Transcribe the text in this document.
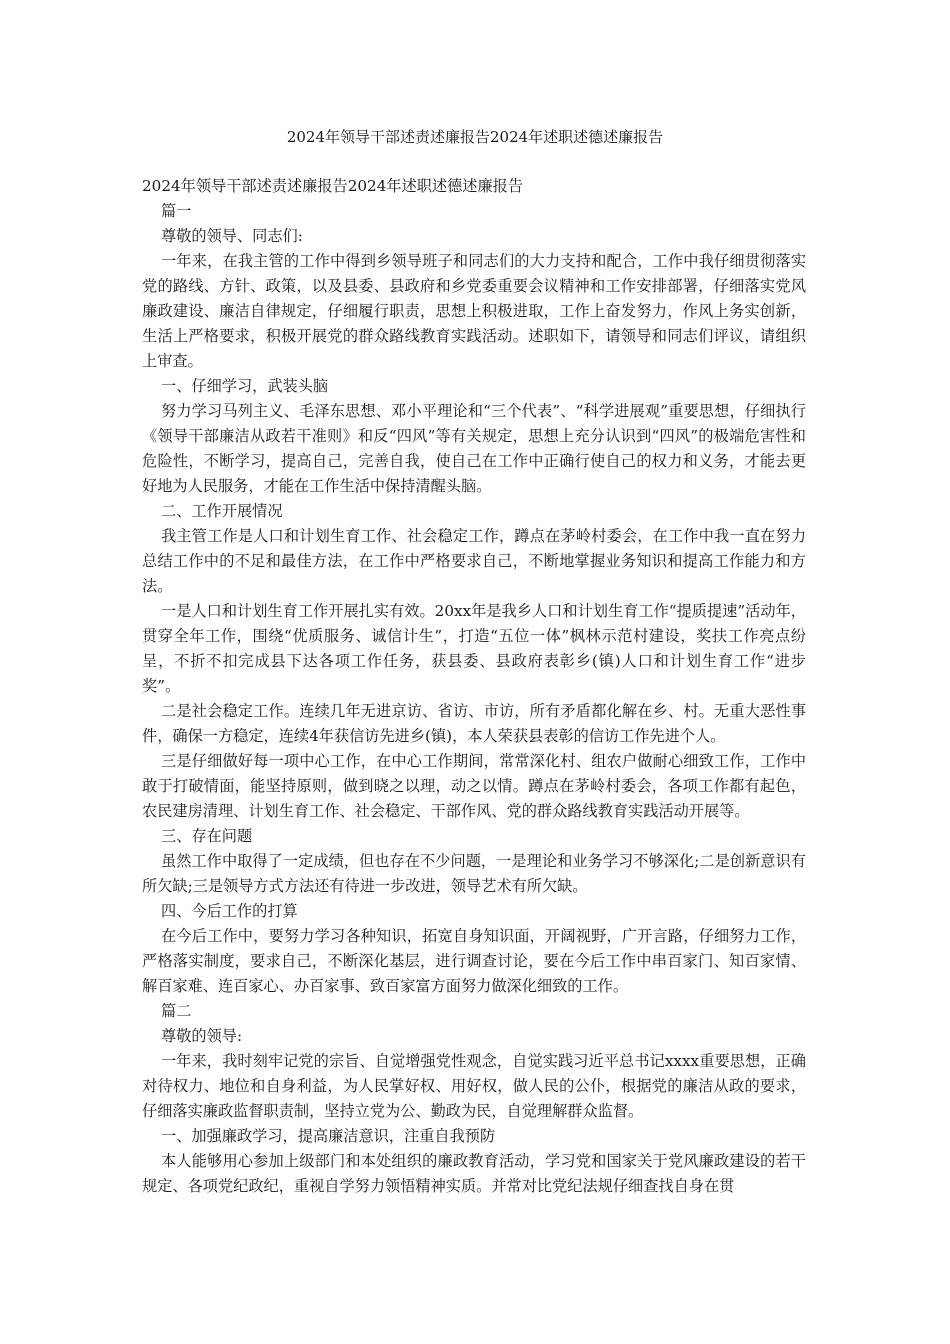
2024年领导干部述责述廉报告2024年述职述德述廉报告

2024年领导干部述责述廉报告2024年述职述德述廉报告

篇一

尊敬的领导、同志们:

一年来，在我主管的工作中得到乡领导班子和同志们的大力支持和配合，工作中我仔细贯彻落实党的路线、方针、政策，以及县委、县政府和乡党委重要会议精神和工作安排部署，仔细落实党风廉政建设、廉洁自律规定，仔细履行职责，思想上积极进取，工作上奋发努力，作风上务实创新，生活上严格要求，积极开展党的群众路线教育实践活动。述职如下，请领导和同志们评议，请组织上审查。

一、仔细学习，武装头脑

努力学习马列主义、毛泽东思想、邓小平理论和“三个代表”、“科学进展观”重要思想，仔细执行《领导干部廉洁从政若干准则》和反“四风”等有关规定，思想上充分认识到“四风”的极端危害性和危险性，不断学习，提高自己，完善自我，使自己在工作中正确行使自己的权力和义务，才能去更好地为人民服务，才能在工作生活中保持清醒头脑。

二、工作开展情况

我主管工作是人口和计划生育工作、社会稳定工作，蹲点在茅岭村委会，在工作中我一直在努力总结工作中的不足和最佳方法，在工作中严格要求自己，不断地掌握业务知识和提高工作能力和方法。

一是人口和计划生育工作开展扎实有效。20xx年是我乡人口和计划生育工作“提质提速”活动年，贯穿全年工作，围绕“优质服务、诚信计生”，打造“五位一体”枫林示范村建设，奖扶工作亮点纷呈，不折不扣完成县下达各项工作任务，获县委、县政府表彰乡(镇)人口和计划生育工作“进步奖”。

二是社会稳定工作。连续几年无进京访、省访、市访，所有矛盾都化解在乡、村。无重大恶性事件，确保一方稳定，连续4年获信访先进乡(镇)，本人荣获县表彰的信访工作先进个人。

三是仔细做好每一项中心工作，在中心工作期间，常常深化村、组农户做耐心细致工作，工作中敢于打破情面，能坚持原则，做到晓之以理，动之以情。蹲点在茅岭村委会，各项工作都有起色，农民建房清理、计划生育工作、社会稳定、干部作风、党的群众路线教育实践活动开展等。

三、存在问题

虽然工作中取得了一定成绩，但也存在不少问题，一是理论和业务学习不够深化;二是创新意识有所欠缺;三是领导方式方法还有待进一步改进，领导艺术有所欠缺。

四、今后工作的打算

在今后工作中，要努力学习各种知识，拓宽自身知识面，开阔视野，广开言路，仔细努力工作，严格落实制度，要求自己，不断深化基层，进行调查讨论，要在今后工作中串百家门、知百家情、解百家难、连百家心、办百家事、致百家富方面努力做深化细致的工作。

篇二

尊敬的领导:

一年来，我时刻牢记党的宗旨、自觉增强党性观念，自觉实践习近平总书记xxxx重要思想，正确对待权力、地位和自身利益，为人民掌好权、用好权，做人民的公仆，根据党的廉洁从政的要求，仔细落实廉政监督职责制，坚持立党为公、勤政为民，自觉理解群众监督。

一、加强廉政学习，提高廉洁意识，注重自我预防

本人能够用心参加上级部门和本处组织的廉政教育活动，学习党和国家关于党风廉政建设的若干规定、各项党纪政纪，重视自学努力领悟精神实质。并常对比党纪法规仔细查找自身在贯
